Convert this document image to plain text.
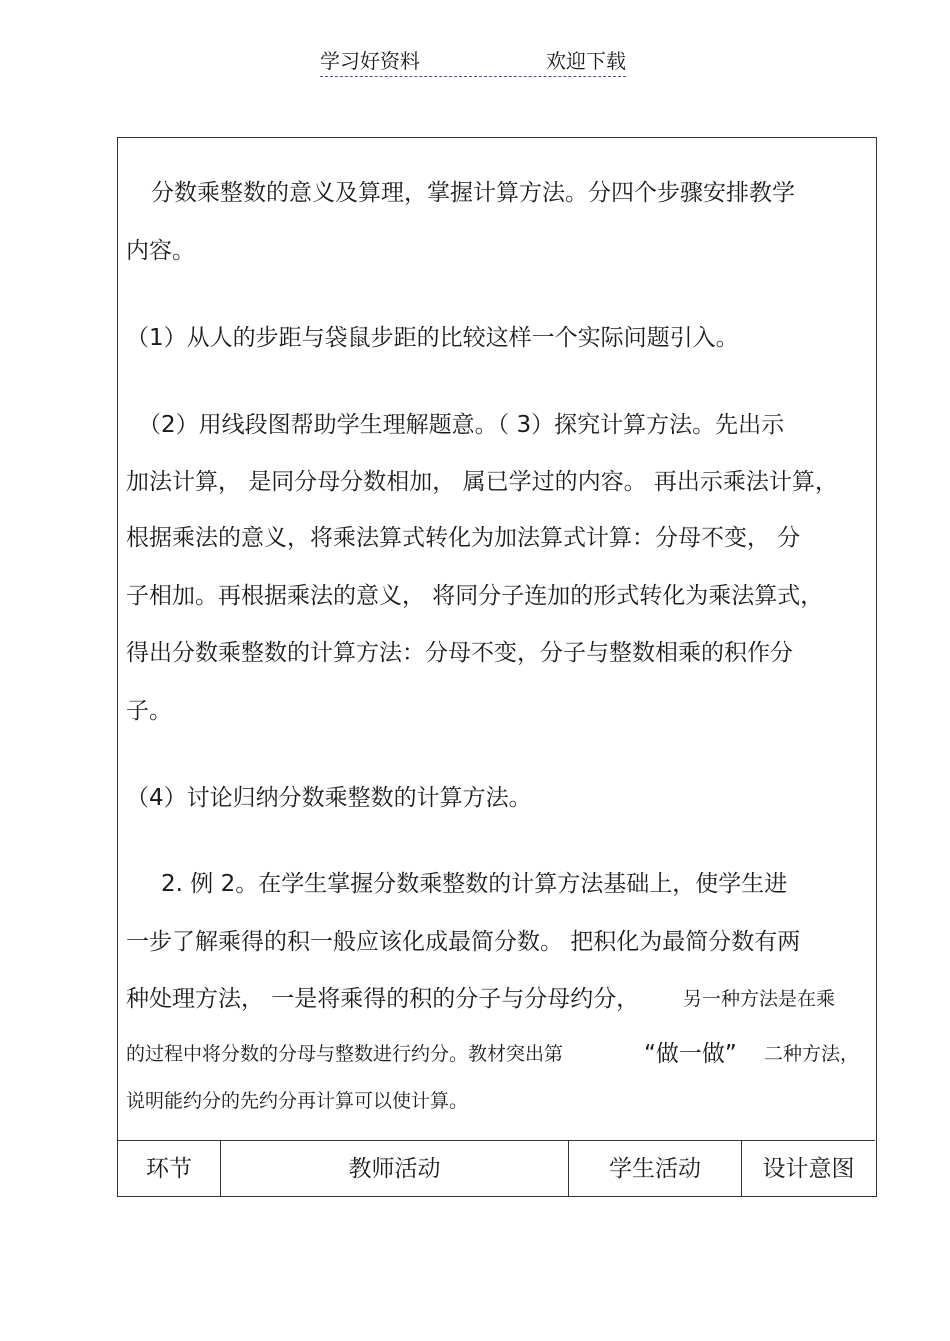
学习好资料	欢迎下载
分数乘整数的意义及算理，掌握计算方法。分四个步骤安排教学
内容。
（1）从人的步距与袋鼠步距的比较这样一个实际问题引入。
（2）用线段图帮助学生理解题意。（ 3）探究计算方法。先出示
加法计算， 是同分母分数相加， 属已学过的内容。 再出示乘法计算，
根据乘法的意义，将乘法算式转化为加法算式计算：分母不变， 分
子相加。再根据乘法的意义， 将同分子连加的形式转化为乘法算式，
得出分数乘整数的计算方法：分母不变，分子与整数相乘的积作分
子。
（4）讨论归纳分数乘整数的计算方法。
2. 例 2。在学生掌握分数乘整数的计算方法基础上，使学生进
一步了解乘得的积一般应该化成最简分数。 把积化为最简分数有两
种处理方法， 一是将乘得的积的分子与分母约分， 另一种方法是在乘
的过程中将分数的分母与整数进行约分。教材突出第	“做一做” 二种方法，
说明能约分的先约分再计算可以使计算。
环节	教师活动	学生活动	设计意图
